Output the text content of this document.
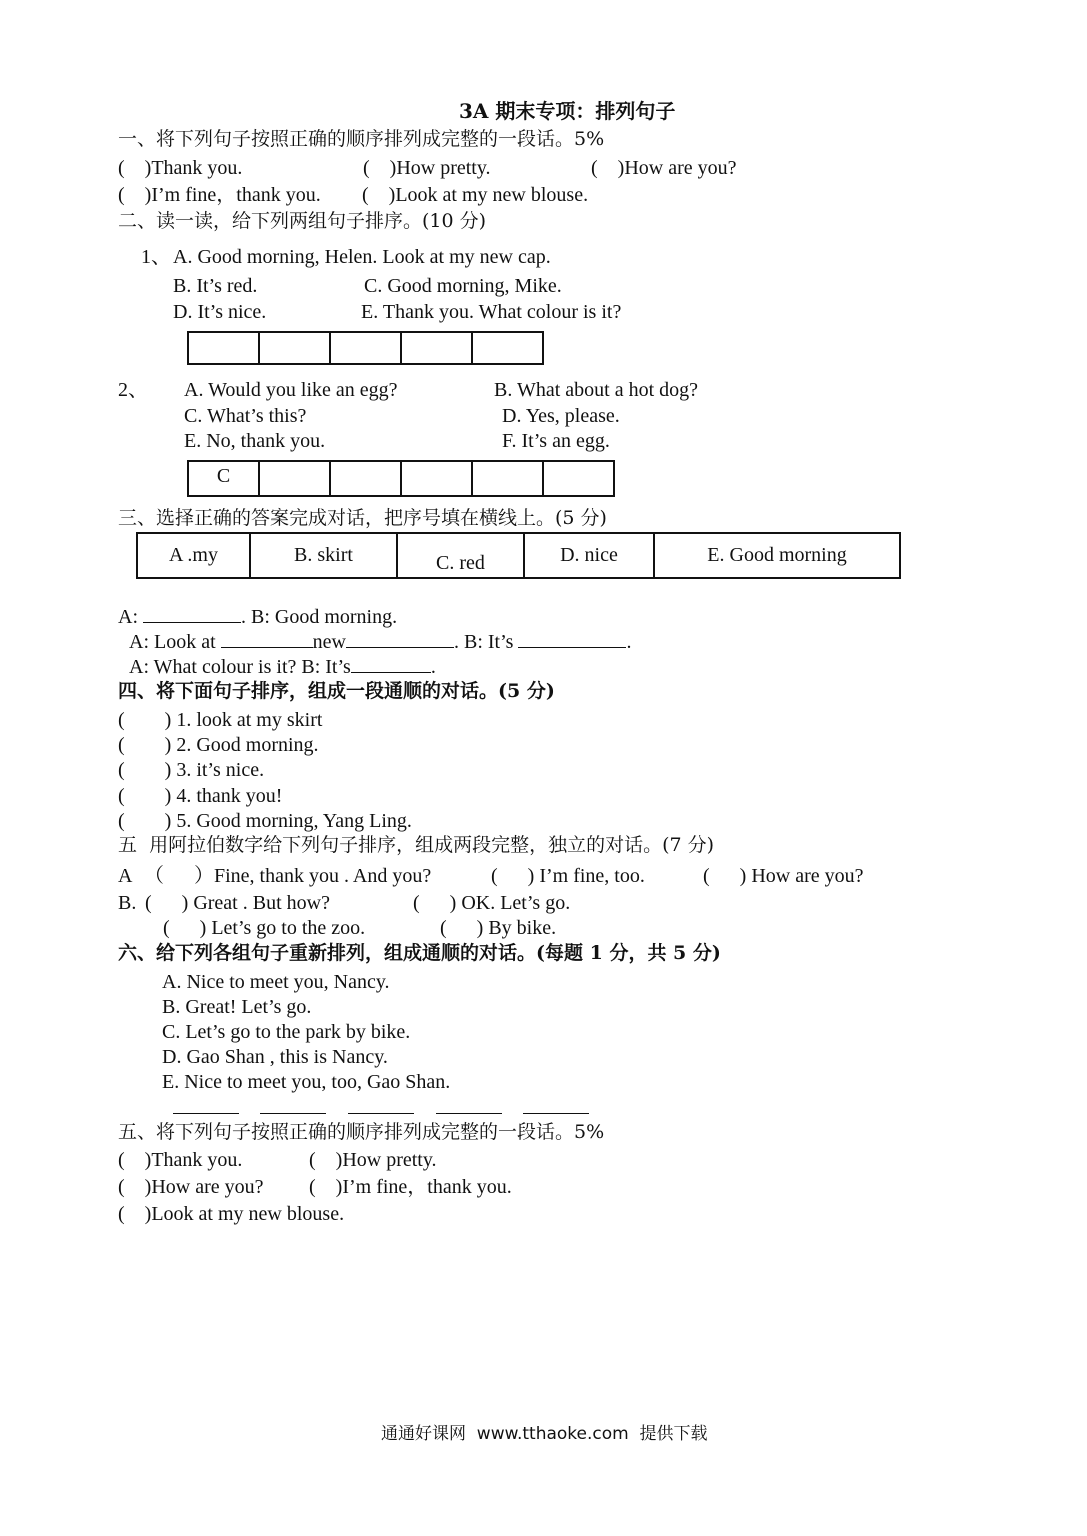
3A 期末专项：排列句子
一、将下列句子按照正确的顺序排列成完整的一段话。5%
(    )Thank you.	(    )How pretty.	(    )How are you?
(    )I’m fine，thank you. (    )Look at my new blouse.
二、读一读，给下列两组句子排序。(10 分)
1、 A. Good morning, Helen. Look at my new cap.
B. It’s red.	C. Good morning, Mike.
D. It’s nice.	E. Thank you. What colour is it?

2、 A. Would you like an egg?	B. What about a hot dog?
C. What’s this?	D. Yes, please.
E. No, thank you.	F. It’s an egg.
C					
三、选择正确的答案完成对话，把序号填在横线上。(5 分)
A .my	B. skirt	C. red	D. nice	E. Good morning
A:	. B: Good morning.
A: Look at	new	. B: It’s	.
A: What colour is it? B: It’s	.
四、将下面句子排序，组成一段通顺的对话。(5 分)
(        ) 1. look at my skirt
(        ) 2. Good morning.
(        ) 3. it’s nice.
(        ) 4. thank you!
(        ) 5. Good morning, Yang Ling.
五  用阿拉伯数字给下列句子排序，组成两段完整，独立的对话。(7 分)
A （      ）Fine, thank you . And you?	(      ) I’m fine, too.	(      ) How are you?
B. (      ) Great . But how?	(      ) OK. Let’s go.
(      ) Let’s go to the zoo.	(      ) By bike.
六、给下列各组句子重新排列，组成通顺的对话。(每题 1 分，共 5 分)
A. Nice to meet you, Nancy.
B. Great! Let’s go.
C. Let’s go to the park by bike.
D. Gao Shan , this is Nancy.
E. Nice to meet you, too, Gao Shan.
五、将下列句子按照正确的顺序排列成完整的一段话。5%
(    )Thank you.	(    )How pretty.
(    )How are you? (    )I’m fine，thank you.
(    )Look at my new blouse.
通通好课网  www.tthaoke.com  提供下载
